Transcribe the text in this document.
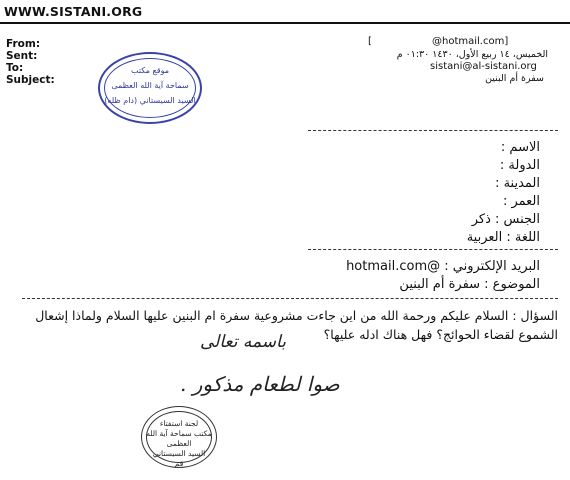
WWW.SISTANI.ORG
From:
Sent:
To:
Subject:
[	@hotmail.com]
الخميس، ١٤ ربيع الأول، ١٤٣٠ ٠١:٣٠ م
sistani@al-sistani.org
سفرة أم البنين
موقع مكتب
سماحة آية الله العظمى
السيد السيستاني (دام ظله)
الاسم :
الدولة :
المدينة :
العمر :
الجنس : ذكر
اللغة : العربية
البريد الإلكتروني : @hotmail.com
الموضوع : سفرة أم البنين
السؤال : السلام عليكم ورحمة الله من اين جاءت مشروعية سفرة ام البنين عليها السلام ولماذا إشعال الشموع لقضاء الحوائج؟ فهل هناك ادله عليها؟
باسمه تعالى
صوا لطعام مذكور .
لجنة استفتاء
مكتب سماحة آية الله العظمى
السيد السيستاني
قم
